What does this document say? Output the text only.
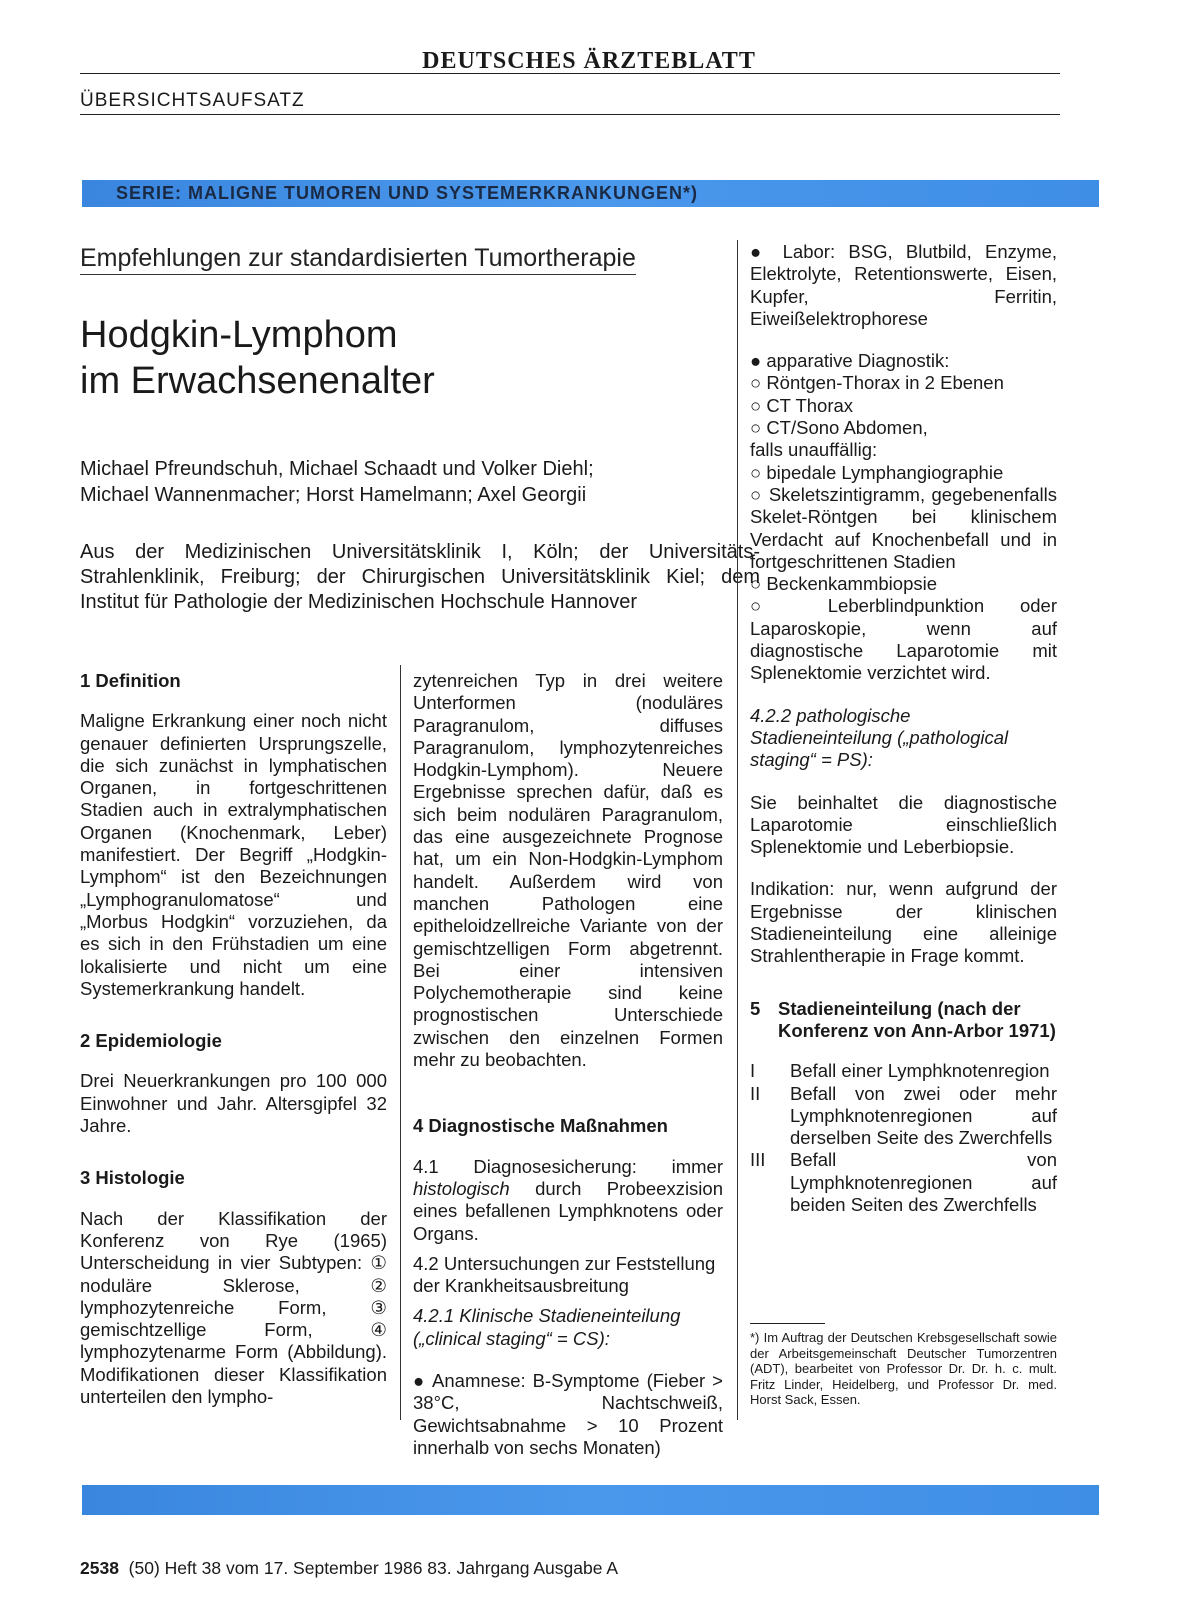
DEUTSCHES ÄRZTEBLATT
ÜBERSICHTSAUFSATZ
SERIE: MALIGNE TUMOREN UND SYSTEMERKRANKUNGEN*)
Empfehlungen zur standardisierten Tumortherapie
Hodgkin-Lymphom
im Erwachsenenalter
Michael Pfreundschuh, Michael Schaadt und Volker Diehl;
Michael Wannenmacher; Horst Hamelmann; Axel Georgii
Aus der Medizinischen Universitätsklinik I, Köln; der Universitäts-Strahlenklinik, Freiburg; der Chirurgischen Universitätsklinik Kiel; dem Institut für Pathologie der Medizinischen Hochschule Hannover
1 Definition

Maligne Erkrankung einer noch nicht genauer definierten Ursprungszelle, die sich zunächst in lymphatischen Organen, in fortgeschrittenen Stadien auch in extralymphatischen Organen (Knochenmark, Leber) manifestiert. Der Begriff „Hodgkin-Lymphom“ ist den Bezeichnungen „Lymphogranulomatose“ und „Morbus Hodgkin“ vorzuziehen, da es sich in den Frühstadien um eine lokalisierte und nicht um eine Systemerkrankung handelt.

2 Epidemiologie

Drei Neuerkrankungen pro 100 000 Einwohner und Jahr. Altersgipfel 32 Jahre.

3 Histologie

Nach der Klassifikation der Konferenz von Rye (1965) Unterscheidung in vier Subtypen: ① noduläre Sklerose, ② lymphozytenreiche Form, ③ gemischtzellige Form, ④ lymphozytenarme Form (Abbildung). Modifikationen dieser Klassifikation unterteilen den lympho-

zytenreichen Typ in drei weitere Unterformen (noduläres Paragranulom, diffuses Paragranulom, lymphozytenreiches Hodgkin-Lymphom). Neuere Ergebnisse sprechen dafür, daß es sich beim nodulären Paragranulom, das eine ausgezeichnete Prognose hat, um ein Non-Hodgkin-Lymphom handelt. Außerdem wird von manchen Pathologen eine epitheloidzellreiche Variante von der gemischtzelligen Form abgetrennt. Bei einer intensiven Polychemotherapie sind keine prognostischen Unterschiede zwischen den einzelnen Formen mehr zu beobachten.

4 Diagnostische Maßnahmen

4.1 Diagnosesicherung: immer histologisch durch Probeexzision eines befallenen Lymphknotens oder Organs.

4.2 Untersuchungen zur Feststellung der Krankheitsausbreitung

4.2.1 Klinische Stadieneinteilung („clinical staging“ = CS):

● Anamnese: B-Symptome (Fieber > 38°C, Nachtschweiß, Gewichtsabnahme > 10 Prozent innerhalb von sechs Monaten)

● Labor: BSG, Blutbild, Enzyme, Elektrolyte, Retentionswerte, Eisen, Kupfer, Ferritin, Eiweißelektrophorese

● apparative Diagnostik:
○ Röntgen-Thorax in 2 Ebenen
○ CT Thorax
○ CT/Sono Abdomen,
falls unauffällig:
○ bipedale Lymphangiographie
○ Skeletszintigramm, gegebenenfalls Skelet-Röntgen bei klinischem Verdacht auf Knochenbefall und in fortgeschrittenen Stadien
○ Beckenkammbiopsie
○ Leberblindpunktion oder Laparoskopie, wenn auf diagnostische Laparotomie mit Splenektomie verzichtet wird.

4.2.2 pathologische Stadieneinteilung („pathological staging“ = PS):

Sie beinhaltet die diagnostische Laparotomie einschließlich Splenektomie und Leberbiopsie.

Indikation: nur, wenn aufgrund der Ergebnisse der klinischen Stadieneinteilung eine alleinige Strahlentherapie in Frage kommt.

5 Stadieneinteilung (nach der Konferenz von Ann-Arbor 1971)
I	Befall einer Lymphknotenregion
II	Befall von zwei oder mehr Lymphknotenregionen auf derselben Seite des Zwerchfells
III	Befall von Lymphknotenregionen auf beiden Seiten des Zwerchfells
*) Im Auftrag der Deutschen Krebsgesellschaft sowie der Arbeitsgemeinschaft Deutscher Tumorzentren (ADT), bearbeitet von Professor Dr. Dr. h. c. mult. Fritz Linder, Heidelberg, und Professor Dr. med. Horst Sack, Essen.
2538 (50) Heft 38 vom 17. September 1986 83. Jahrgang Ausgabe A
